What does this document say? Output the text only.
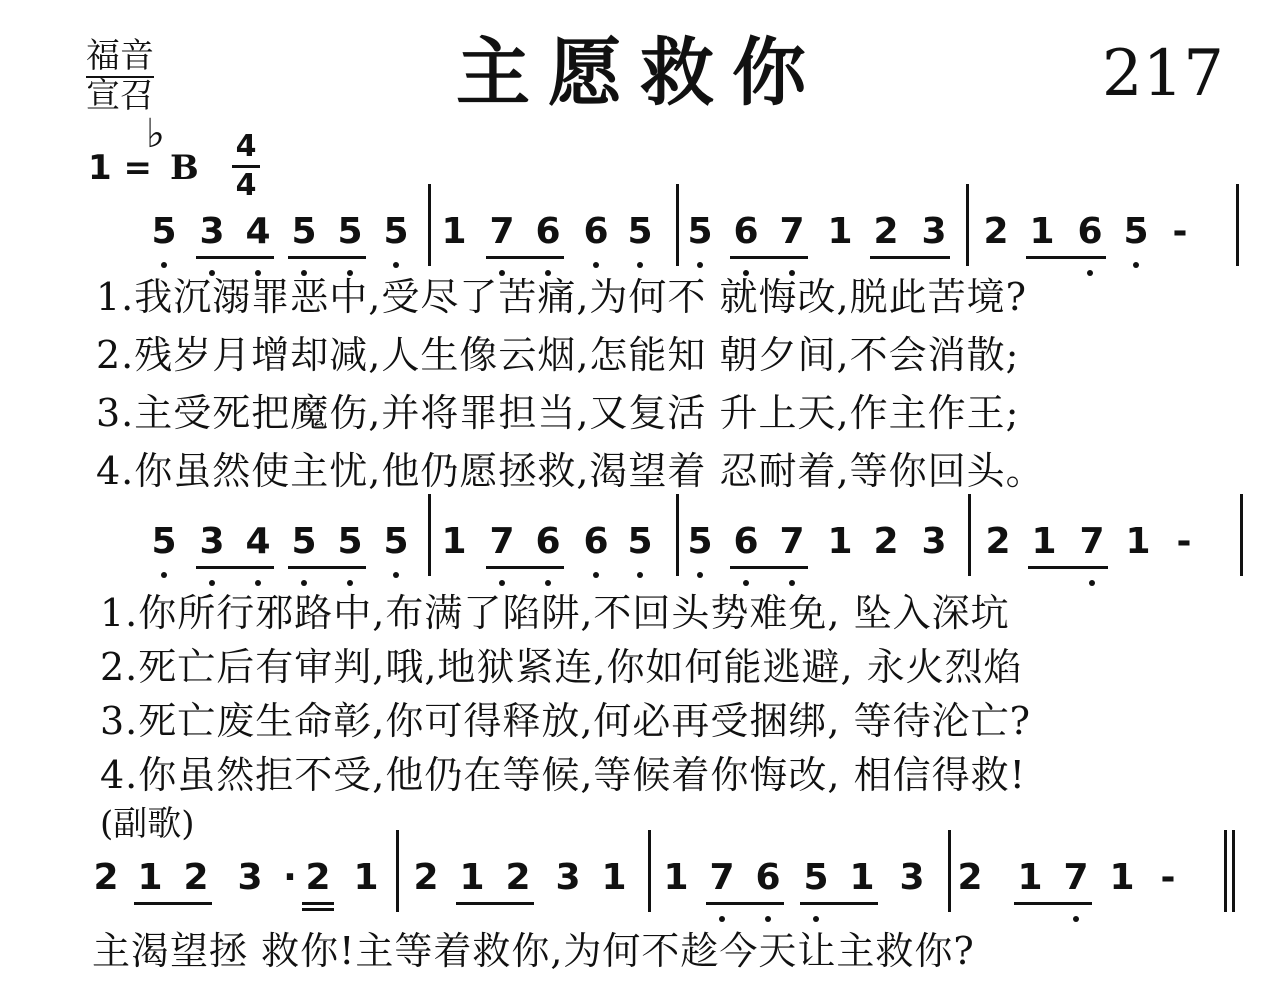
福音
宣召	主愿救你	217
1 =
♭
B
4
4
5 3 4 5 5 5 1 7 6 6 5 5 6 7 1 2 3 2 1 6 5 -
5 3 4 5 5 5 1 7 6 6 5 5 6 7 1 2 3 2 1 7 1 -
2 1 2 3 · 2 1 2 1 2 3 1 1 7 6 5 1 3 2 1 7 1 -
1.我沉溺罪恶中,受尽了苦痛,为何不 就悔改,脱此苦境?
2.残岁月增却减,人生像云烟,怎能知 朝夕间,不会消散;
3.主受死把魔伤,并将罪担当,又复活 升上天,作主作王;
4.你虽然使主忧,他仍愿拯救,渴望着 忍耐着,等你回头。
1.你所行邪路中,布满了陷阱,不回头势难免, 坠入深坑
2.死亡后有审判,哦,地狱紧连,你如何能逃避, 永火烈焰
3.死亡废生命彰,你可得释放,何必再受捆绑, 等待沦亡?
4.你虽然拒不受,他仍在等候,等候着你悔改, 相信得救!
(副歌)
主渴望拯 救你!主等着救你,为何不趁今天让主救你?
